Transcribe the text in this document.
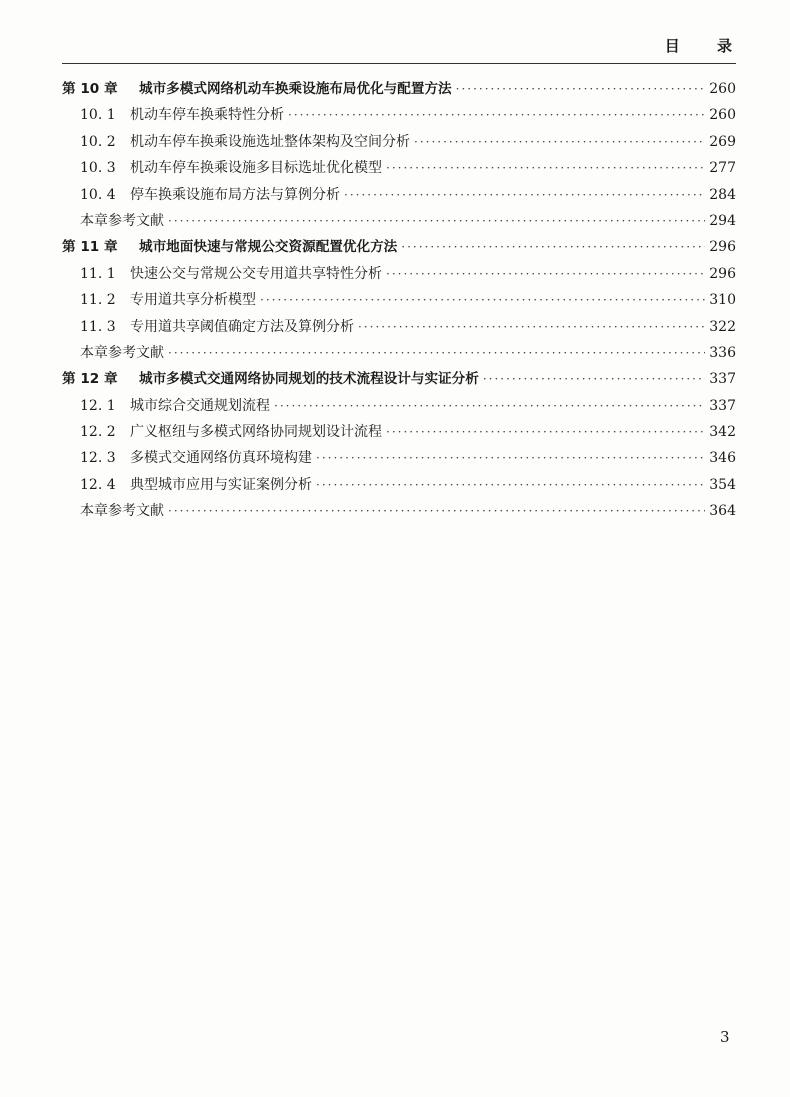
目 录
第 10 章	城市多模式网络机动车换乘设施布局优化与配置方法 ·····	260
10. 1	机动车停车换乘特性分析 ·····	260
10. 2	机动车停车换乘设施选址整体架构及空间分析 ·····	269
10. 3	机动车停车换乘设施多目标选址优化模型 ·····	277
10. 4	停车换乘设施布局方法与算例分析 ·····	284
本章参考文献 ·····	294
第 11 章	城市地面快速与常规公交资源配置优化方法 ·····	296
11. 1	快速公交与常规公交专用道共享特性分析 ·····	296
11. 2	专用道共享分析模型 ·····	310
11. 3	专用道共享阈值确定方法及算例分析 ·····	322
本章参考文献 ·····	336
第 12 章	城市多模式交通网络协同规划的技术流程设计与实证分析 ·····	337
12. 1	城市综合交通规划流程 ·····	337
12. 2	广义枢纽与多模式网络协同规划设计流程 ·····	342
12. 3	多模式交通网络仿真环境构建 ·····	346
12. 4	典型城市应用与实证案例分析 ·····	354
本章参考文献 ·····	364
3
